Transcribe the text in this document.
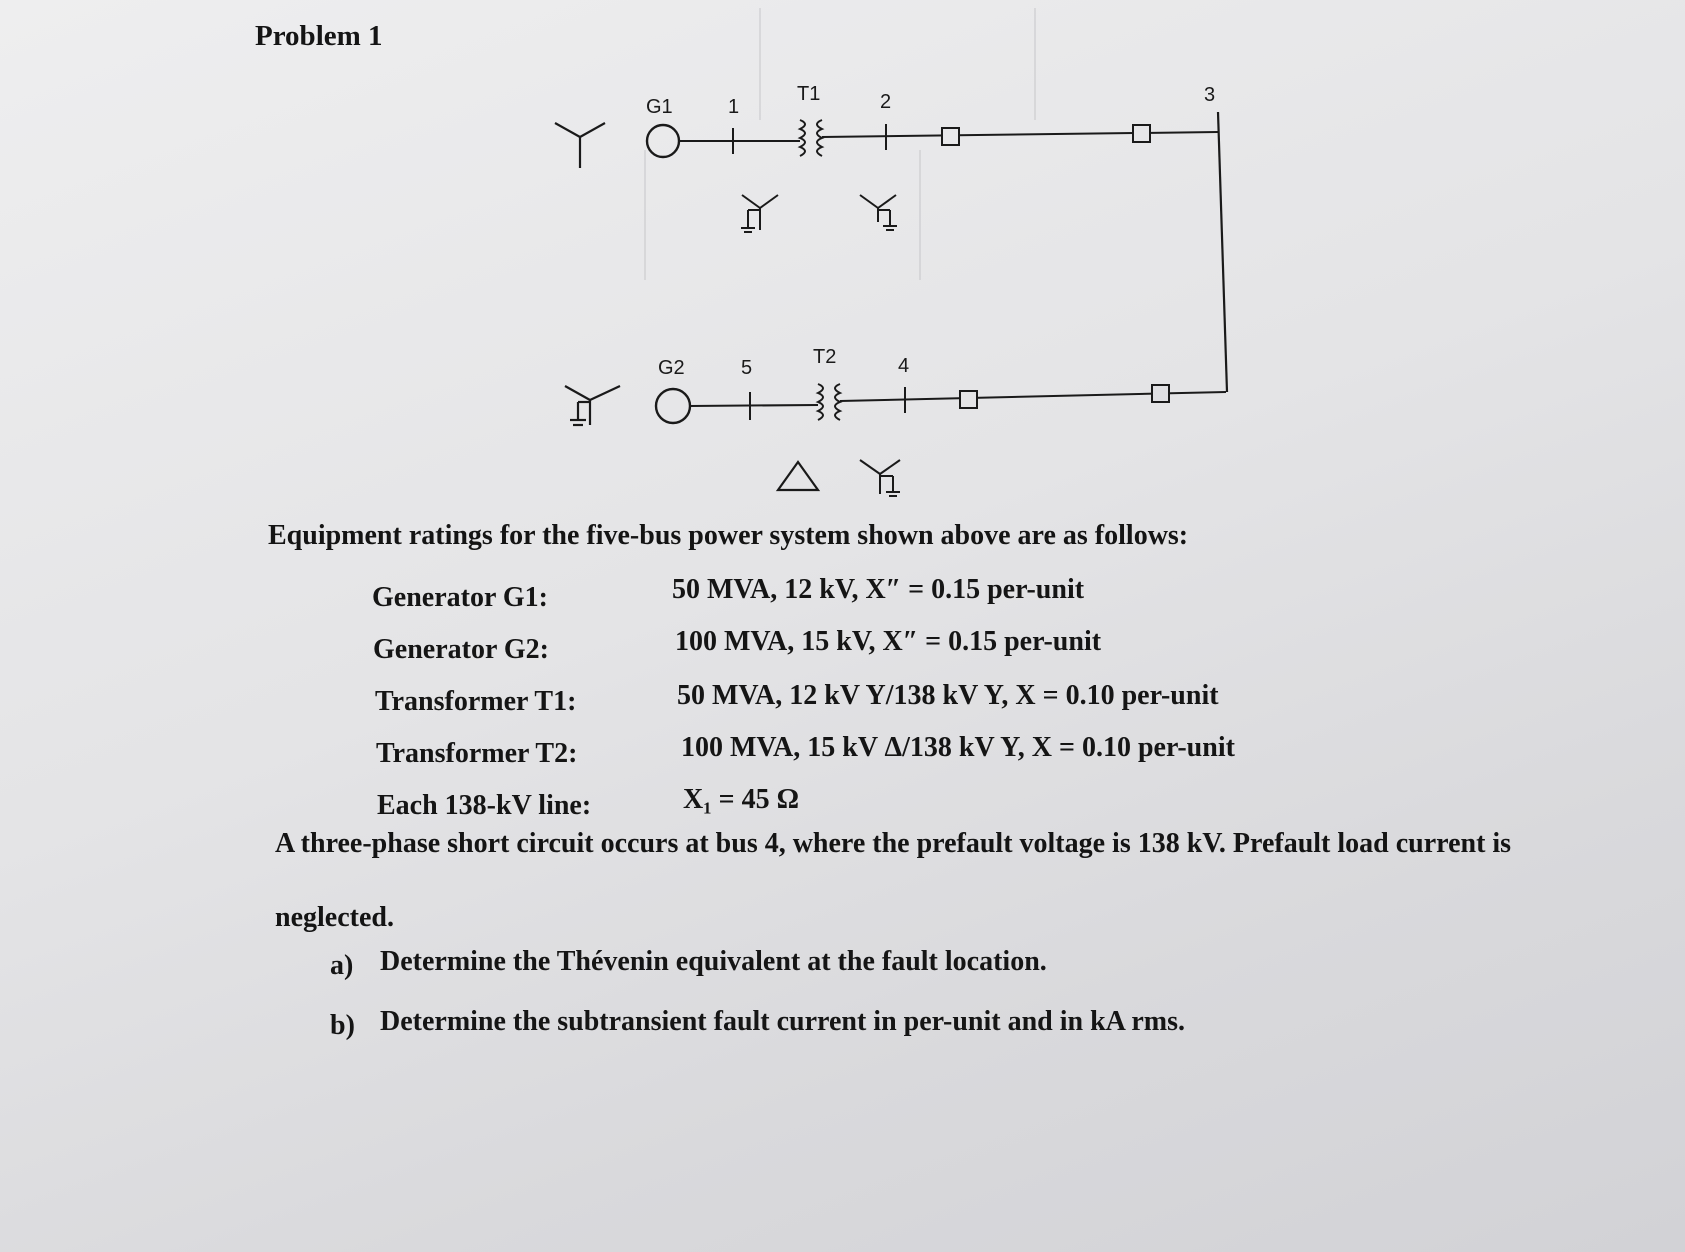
Problem 1
G1	1
T1	2	3
G2	5	T2	4
Equipment ratings for the five-bus power system shown above are as follows:
Generator G1:	50 MVA, 12 kV, X″ = 0.15 per-unit
Generator G2:	100 MVA, 15 kV, X″ = 0.15 per-unit
Transformer T1:	50 MVA, 12 kV Y/138 kV Y, X = 0.10 per-unit
Transformer T2:	100 MVA, 15 kV Δ/138 kV Y, X = 0.10 per-unit
Each 138-kV line:	X₁ = 45 Ω
A three-phase short circuit occurs at bus 4, where the prefault voltage is 138 kV. Prefault load current is
neglected.
a) Determine the Thévenin equivalent at the fault location.
b) Determine the subtransient fault current in per-unit and in kA rms.
